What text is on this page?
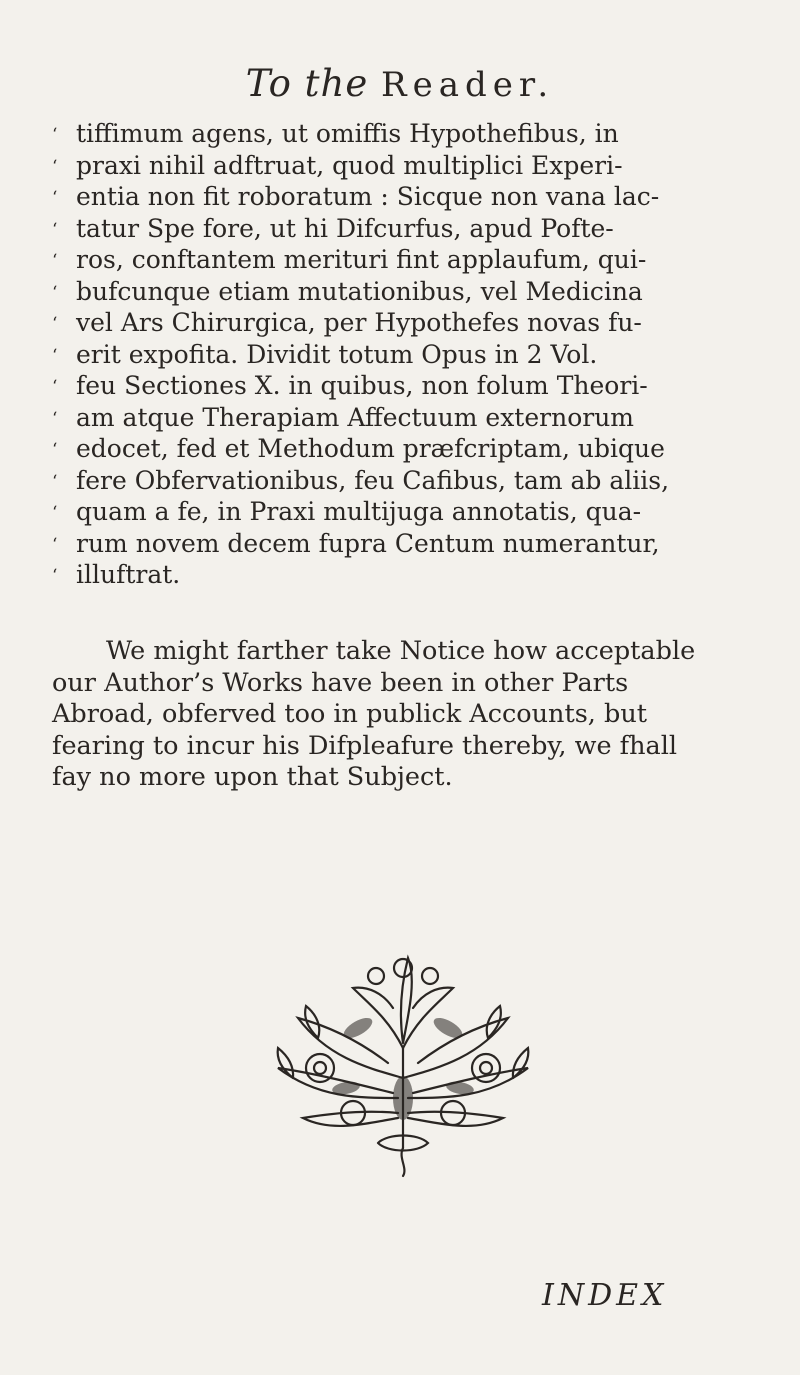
To the Reader.
‘ tiffimum agens, ut omiffis Hypothefibus, in
‘ praxi nihil adftruat, quod multiplici Experi-
‘ entia non fit roboratum : Sicque non vana lac-
‘ tatur Spe fore, ut hi Difcurfus, apud Pofte-
‘ ros, conftantem merituri fint applaufum, qui-
‘ bufcunque etiam mutationibus, vel Medicina
‘ vel Ars Chirurgica, per Hypothefes novas fu-
‘ erit expofita. Dividit totum Opus in 2 Vol.
‘ feu Sectiones X. in quibus, non folum Theori-
‘ am atque Therapiam Affectuum externorum
‘ edocet, fed et Methodum præfcriptam, ubique
‘ fere Obfervationibus, feu Cafibus, tam ab aliis,
‘ quam a fe, in Praxi multijuga annotatis, qua-
‘ rum novem decem fupra Centum numerantur,
‘ illuftrat.
We might farther take Notice how acceptable
our Author’s Works have been in other Parts
Abroad, obferved too in publick Accounts, but
fearing to incur his Difpleafure thereby, we fhall
fay no more upon that Subject.
INDEX
